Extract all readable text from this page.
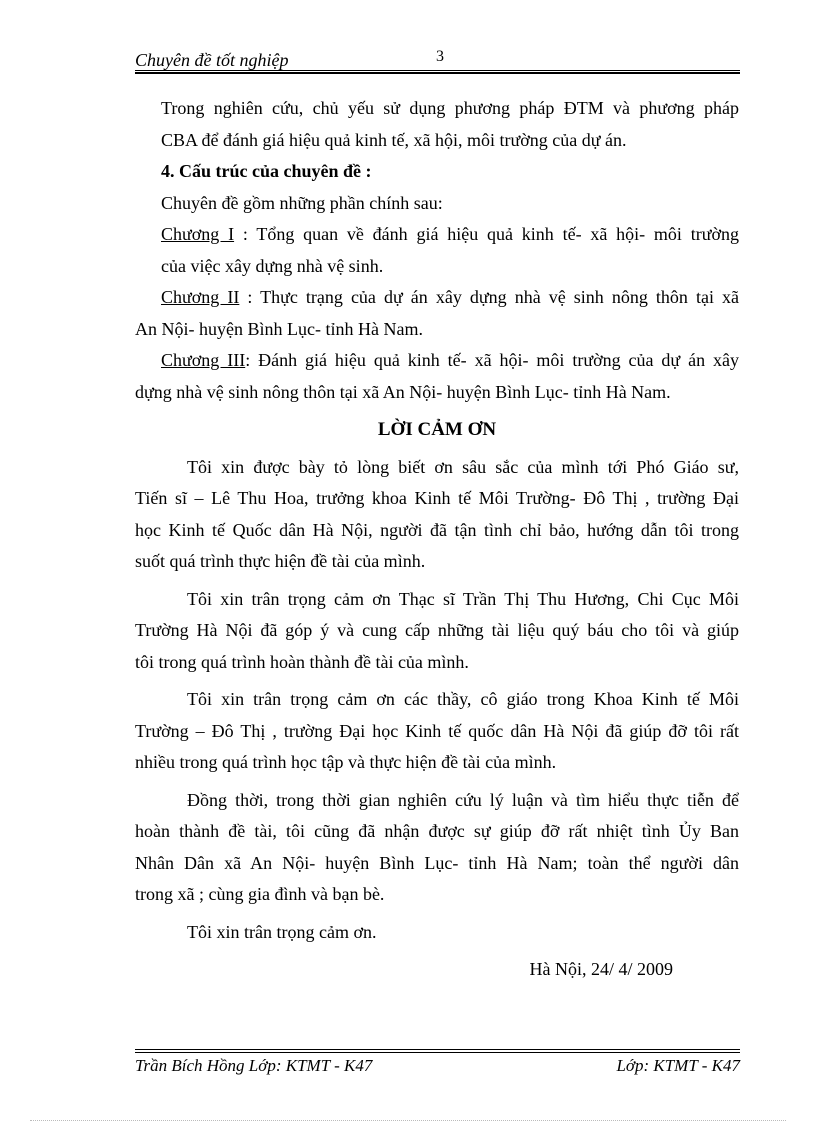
Chuyên đề tốt nghiệp	3
Trong nghiên cứu, chủ yếu sử dụng phương pháp ĐTM và phương pháp
CBA để đánh giá hiệu quả kinh tế, xã hội, môi trường của dự án.
4. Cấu trúc của chuyên đề :
Chuyên đề gồm những phần chính sau:
Chương I : Tổng quan về đánh giá hiệu quả kinh tế- xã hội- môi trường
của việc xây dựng nhà vệ sinh.
Chương II : Thực trạng của dự án xây dựng nhà vệ sinh nông thôn tại xã
An Nội- huyện Bình Lục- tỉnh Hà Nam.
Chương III: Đánh giá hiệu quả kinh tế- xã hội- môi trường của dự án xây
dựng nhà vệ sinh nông thôn tại xã An Nội- huyện Bình Lục- tỉnh Hà Nam.
LỜI CẢM ƠN
Tôi xin được bày tỏ lòng biết ơn sâu sắc của mình tới Phó Giáo sư,
Tiến sĩ – Lê Thu Hoa, trưởng khoa Kinh tế Môi Trường- Đô Thị , trường Đại
học Kinh tế Quốc dân Hà Nội, người đã tận tình chỉ bảo, hướng dẫn tôi trong
suốt quá trình thực hiện đề tài của mình.
Tôi xin trân trọng cảm ơn Thạc sĩ Trần Thị Thu Hương, Chi Cục Môi
Trường Hà Nội đã góp ý và cung cấp những tài liệu quý báu cho tôi và giúp
tôi trong quá trình hoàn thành đề tài của mình.
Tôi xin trân trọng cảm ơn các thầy, cô giáo trong Khoa Kinh tế Môi
Trường – Đô Thị , trường Đại học Kinh tế quốc dân Hà Nội đã giúp đỡ tôi rất
nhiều trong quá trình học tập và thực hiện đề tài của mình.
Đồng thời, trong thời gian nghiên cứu lý luận và tìm hiểu thực tiễn để
hoàn thành đề tài, tôi cũng đã nhận được sự giúp đỡ rất nhiệt tình Ủy Ban
Nhân Dân xã An Nội- huyện Bình Lục- tỉnh Hà Nam; toàn thể người dân
trong xã ; cùng gia đình và bạn bè.
Tôi xin trân trọng cảm ơn.
Hà Nội, 24/ 4/ 2009
Trần Bích Hồng Lớp: KTMT - K47	Lớp: KTMT - K47
